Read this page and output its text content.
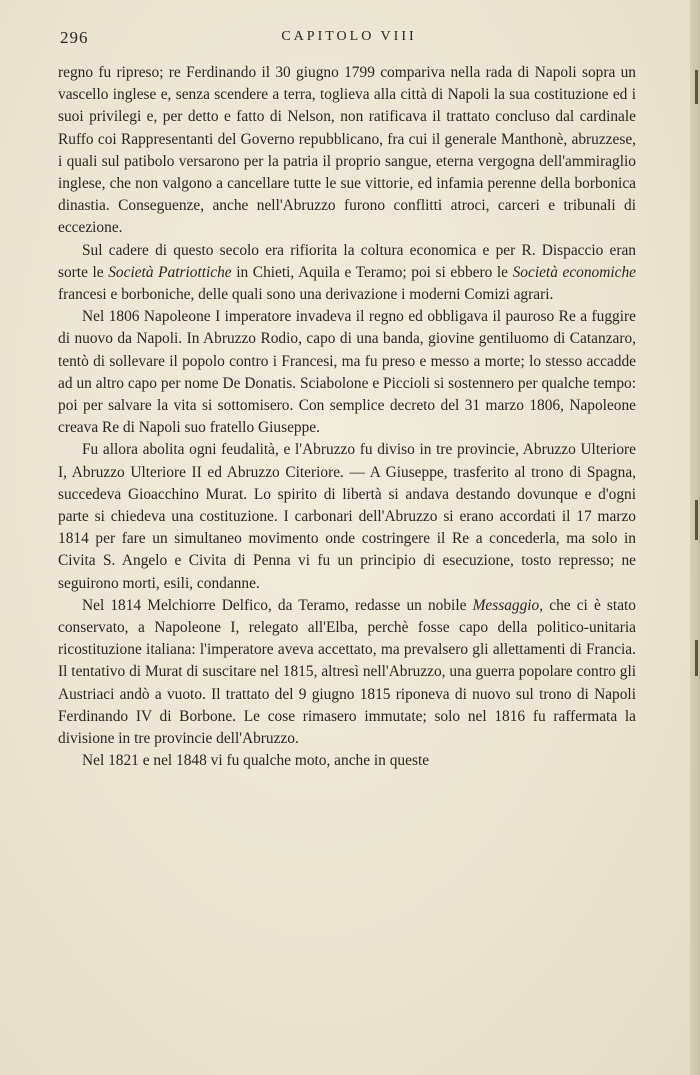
296	CAPITOLO VIII

regno fu ripreso; re Ferdinando il 30 giugno 1799 compariva nella rada di Napoli sopra un vascello inglese e, senza scendere a terra, toglieva alla città di Napoli la sua costituzione ed i suoi privilegi e, per detto e fatto di Nelson, non ratificava il trattato concluso dal cardinale Ruffo coi Rappresentanti del Governo repubblicano, fra cui il generale Manthonè, abruzzese, i quali sul patibolo versarono per la patria il proprio sangue, eterna vergogna dell'ammiraglio inglese, che non valgono a cancellare tutte le sue vittorie, ed infamia perenne della borbonica dinastia. Conseguenze, anche nell'Abruzzo furono conflitti atroci, carceri e tribunali di eccezione.

Sul cadere di questo secolo era rifiorita la coltura economica e per R. Dispaccio eran sorte le Società Patriottiche in Chieti, Aquila e Teramo; poi si ebbero le Società economiche francesi e borboniche, delle quali sono una derivazione i moderni Comizi agrari.

Nel 1806 Napoleone I imperatore invadeva il regno ed obbligava il pauroso Re a fuggire di nuovo da Napoli. In Abruzzo Rodio, capo di una banda, giovine gentiluomo di Catanzaro, tentò di sollevare il popolo contro i Francesi, ma fu preso e messo a morte; lo stesso accadde ad un altro capo per nome De Donatis. Sciabolone e Piccioli si sostennero per qualche tempo: poi per salvare la vita si sottomisero. Con semplice decreto del 31 marzo 1806, Napoleone creava Re di Napoli suo fratello Giuseppe.

Fu allora abolita ogni feudalità, e l'Abruzzo fu diviso in tre provincie, Abruzzo Ulteriore I, Abruzzo Ulteriore II ed Abruzzo Citeriore. — A Giuseppe, trasferito al trono di Spagna, succedeva Gioacchino Murat. Lo spirito di libertà si andava destando dovunque e d'ogni parte si chiedeva una costituzione. I carbonari dell'Abruzzo si erano accordati il 17 marzo 1814 per fare un simultaneo movimento onde costringere il Re a concederla, ma solo in Civita S. Angelo e Civita di Penna vi fu un principio di esecuzione, tosto represso; ne seguirono morti, esili, condanne.

Nel 1814 Melchiorre Delfico, da Teramo, redasse un nobile Messaggio, che ci è stato conservato, a Napoleone I, relegato all'Elba, perchè fosse capo della politico-unitaria ricostituzione italiana: l'imperatore aveva accettato, ma prevalsero gli allettamenti di Francia. Il tentativo di Murat di suscitare nel 1815, altresì nell'Abruzzo, una guerra popolare contro gli Austriaci andò a vuoto. Il trattato del 9 giugno 1815 riponeva di nuovo sul trono di Napoli Ferdinando IV di Borbone. Le cose rimasero immutate; solo nel 1816 fu raffermata la divisione in tre provincie dell'Abruzzo.

Nel 1821 e nel 1848 vi fu qualche moto, anche in queste
